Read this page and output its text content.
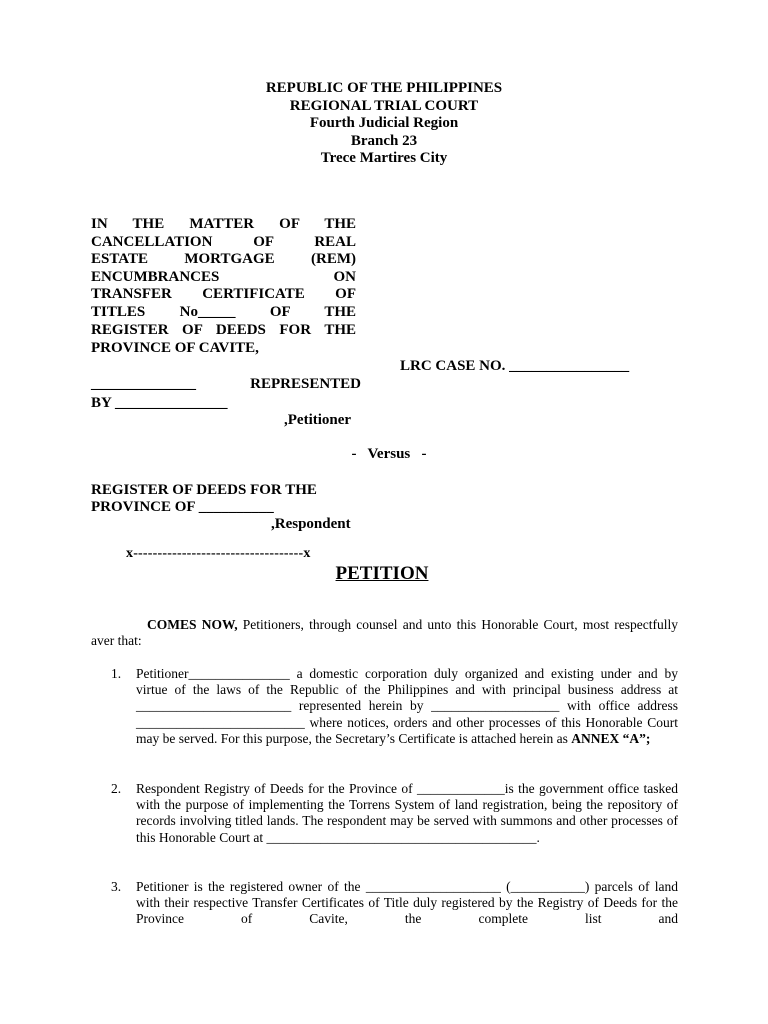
REPUBLIC OF THE PHILIPPINES
REGIONAL TRIAL COURT
Fourth Judicial Region
Branch 23
Trece Martires City
IN THE MATTER OF THE
CANCELLATION OF REAL
ESTATE MORTGAGE (REM)
ENCUMBRANCES ON
TRANSFER CERTIFICATE OF
TITLES No_____ OF THE
REGISTER OF DEEDS FOR THE
PROVINCE OF CAVITE,
LRC CASE NO. ________________
______________	REPRESENTED
BY _______________
,Petitioner
-   Versus   -
REGISTER OF DEEDS FOR THE
PROVINCE OF __________
,Respondent
x-----------------------------------x
PETITION
COMES NOW, Petitioners, through counsel and unto this Honorable Court, most respectfully aver that:
1. Petitioner_______________ a domestic corporation duly organized and existing under and by virtue of the laws of the Republic of the Philippines and with principal business address at _______________________ represented herein by ___________________ with office address _________________________ where notices, orders and other processes of this Honorable Court may be served. For this purpose, the Secretary’s Certificate is attached herein as ANNEX “A”;
2. Respondent Registry of Deeds for the Province of _____________is the government office tasked with the purpose of implementing the Torrens System of land registration, being the repository of records involving titled lands. The respondent may be served with summons and other processes of this Honorable Court at ________________________________________.
3. Petitioner is the registered owner of the ____________________ (___________) parcels of land with their respective Transfer Certificates of Title duly registered by the Registry of Deeds for the Province of Cavite, the complete list and
